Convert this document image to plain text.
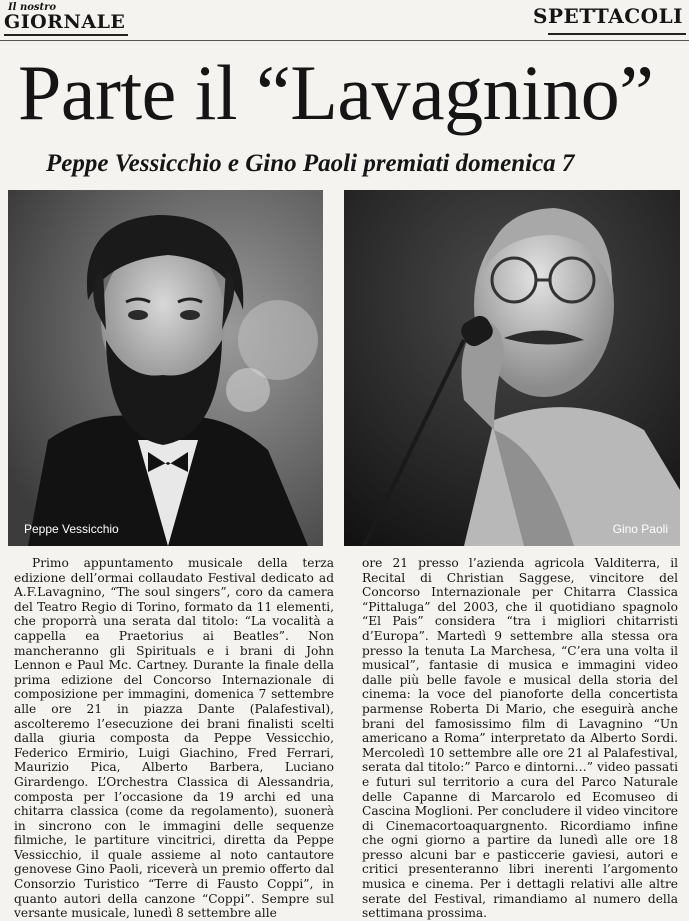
Il nostro
GIORNALE	SPETTACOLI
Parte il “Lavagnino”
Peppe Vessicchio e Gino Paoli premiati domenica 7
Peppe Vessicchio	Gino Paoli

Primo appuntamento musicale della terza edizione dell’ormai collaudato Festival dedicato ad A.F.Lavagnino, “The soul singers”, coro da camera del Teatro Regio di Torino, formato da 11 elementi, che proporrà una serata dal titolo: “La vocalità a cappella ea Praetorius ai Beatles”. Non mancheranno gli Spirituals e i brani di John Lennon e Paul Mc. Cartney. Durante la finale della prima edizione del Concorso Internazionale di composizione per immagini, domenica 7 settembre alle ore 21 in piazza Dante (Palafestival), ascolteremo l’esecuzione dei brani finalisti scelti dalla giuria composta da Peppe Vessicchio, Federico Ermirio, Luigi Giachino, Fred Ferrari, Maurizio Pica, Alberto Barbera, Luciano Girardengo. L’Orchestra Classica di Alessandria, composta per l’occasione da 19 archi ed una chitarra classica (come da regolamento), suonerà in sincrono con le immagini delle sequenze filmiche, le partiture vincitrici, diretta da Peppe Vessicchio, il quale assieme al noto cantautore genovese Gino Paoli, riceverà un premio offerto dal Consorzio Turistico “Terre di Fausto Coppi”, in quanto autori della canzone “Coppi”. Sempre sul versante musicale, lunedì 8 settembre alle

ore 21 presso l’azienda agricola Valditerra, il Recital di Christian Saggese, vincitore del Concorso Internazionale per Chitarra Classica “Pittaluga” del 2003, che il quotidiano spagnolo “El Pais” considera “tra i migliori chitarristi d’Europa”. Martedì 9 settembre alla stessa ora presso la tenuta La Marchesa, “C’era una volta il musical”, fantasie di musica e immagini video dalle più belle favole e musical della storia del cinema: la voce del pianoforte della concertista parmense Roberta Di Mario, che eseguirà anche brani del famosissimo film di Lavagnino “Un americano a Roma” interpretato da Alberto Sordi. Mercoledì 10 settembre alle ore 21 al Palafestival, serata dal titolo:” Parco e dintorni…” video passati e futuri sul territorio a cura del Parco Naturale delle Capanne di Marcarolo ed Ecomuseo di Cascina Moglioni. Per concludere il video vincitore di Cinemacortoaquargnento. Ricordiamo infine che ogni giorno a partire da lunedì alle ore 18 presso alcuni bar e pasticcerie gaviesi, autori e critici presenteranno libri inerenti l’argomento musica e cinema. Per i dettagli relativi alle altre serate del Festival, rimandiamo al numero della settimana prossima.
